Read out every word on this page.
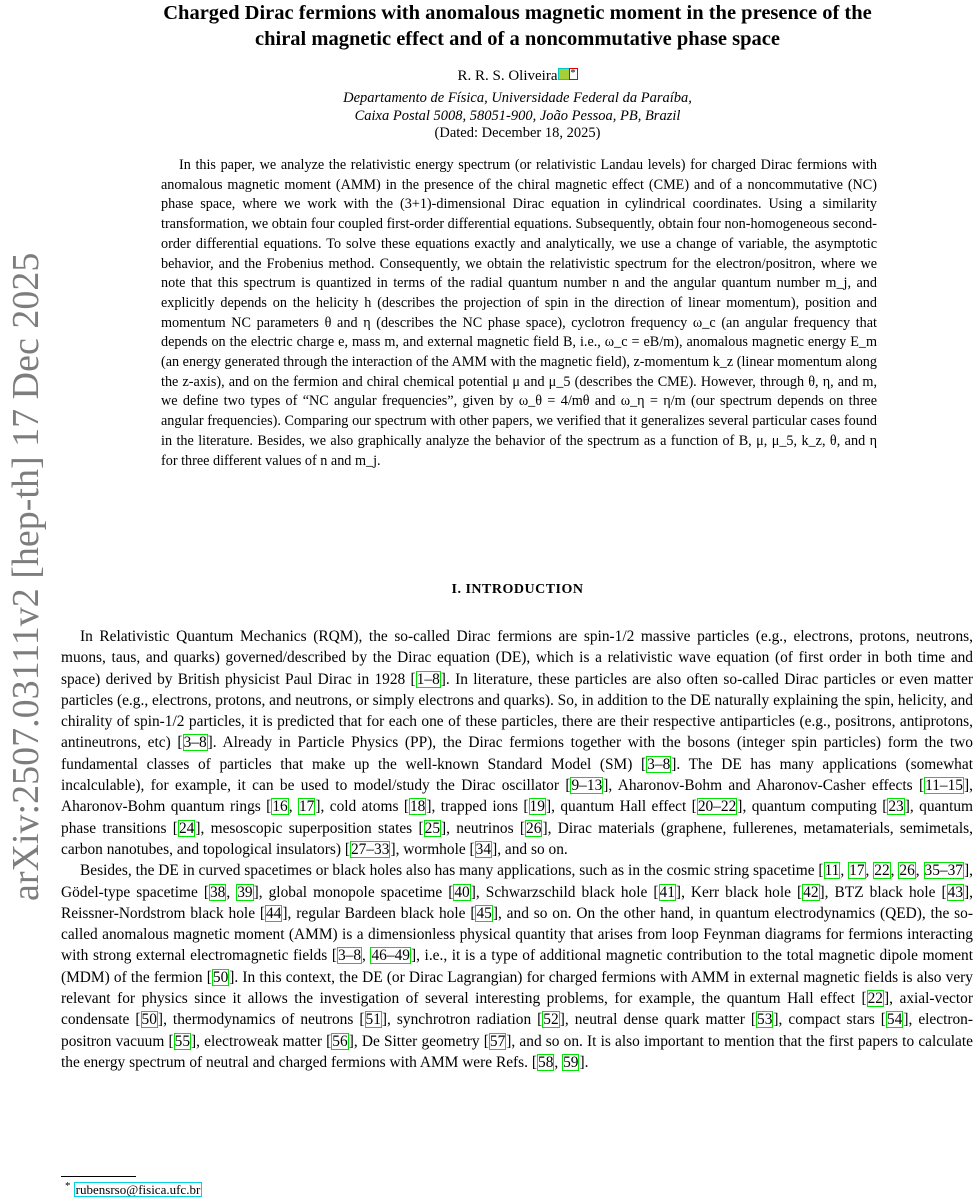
arXiv:2507.03111v2 [hep-th] 17 Dec 2025
Charged Dirac fermions with anomalous magnetic moment in the presence of the
chiral magnetic effect and of a noncommutative phase space
R. R. S. Oliveira *
Departamento de Física, Universidade Federal da Paraíba,
Caixa Postal 5008, 58051-900, João Pessoa, PB, Brazil
(Dated: December 18, 2025)

In this paper, we analyze the relativistic energy spectrum (or relativistic Landau levels) for charged Dirac fermions with anomalous magnetic moment (AMM) in the presence of the chiral magnetic effect (CME) and of a noncommutative (NC) phase space, where we work with the (3+1)-dimensional Dirac equation in cylindrical coordinates. Using a similarity transformation, we obtain four coupled first-order differential equations. Subsequently, obtain four non-homogeneous second-order differential equations. To solve these equations exactly and analytically, we use a change of variable, the asymptotic behavior, and the Frobenius method. Consequently, we obtain the relativistic spectrum for the electron/positron, where we note that this spectrum is quantized in terms of the radial quantum number n and the angular quantum number m_j, and explicitly depends on the helicity h (describes the projection of spin in the direction of linear momentum), position and momentum NC parameters θ and η (describes the NC phase space), cyclotron frequency ω_c (an angular frequency that depends on the electric charge e, mass m, and external magnetic field B, i.e., ω_c = eB/m), anomalous magnetic energy E_m (an energy generated through the interaction of the AMM with the magnetic field), z-momentum k_z (linear momentum along the z-axis), and on the fermion and chiral chemical potential μ and μ_5 (describes the CME). However, through θ, η, and m, we define two types of “NC angular frequencies”, given by ω_θ = 4/mθ and ω_η = η/m (our spectrum depends on three angular frequencies). Comparing our spectrum with other papers, we verified that it generalizes several particular cases found in the literature. Besides, we also graphically analyze the behavior of the spectrum as a function of B, μ, μ_5, k_z, θ, and η for three different values of n and m_j.

I. INTRODUCTION

In Relativistic Quantum Mechanics (RQM), the so-called Dirac fermions are spin-1/2 massive particles (e.g., electrons, protons, neutrons, muons, taus, and quarks) governed/described by the Dirac equation (DE), which is a relativistic wave equation (of first order in both time and space) derived by British physicist Paul Dirac in 1928 [1–8]. In literature, these particles are also often so-called Dirac particles or even matter particles (e.g., electrons, protons, and neutrons, or simply electrons and quarks). So, in addition to the DE naturally explaining the spin, helicity, and chirality of spin-1/2 particles, it is predicted that for each one of these particles, there are their respective antiparticles (e.g., positrons, antiprotons, antineutrons, etc) [3–8]. Already in Particle Physics (PP), the Dirac fermions together with the bosons (integer spin particles) form the two fundamental classes of particles that make up the well-known Standard Model (SM) [3–8]. The DE has many applications (somewhat incalculable), for example, it can be used to model/study the Dirac oscillator [9–13], Aharonov-Bohm and Aharonov-Casher effects [11–15], Aharonov-Bohm quantum rings [16, 17], cold atoms [18], trapped ions [19], quantum Hall effect [20–22], quantum computing [23], quantum phase transitions [24], mesoscopic superposition states [25], neutrinos [26], Dirac materials (graphene, fullerenes, metamaterials, semimetals, carbon nanotubes, and topological insulators) [27–33], wormhole [34], and so on.

Besides, the DE in curved spacetimes or black holes also has many applications, such as in the cosmic string spacetime [11, 17, 22, 26, 35–37], Gödel-type spacetime [38, 39], global monopole spacetime [40], Schwarzschild black hole [41], Kerr black hole [42], BTZ black hole [43], Reissner-Nordstrom black hole [44], regular Bardeen black hole [45], and so on. On the other hand, in quantum electrodynamics (QED), the so-called anomalous magnetic moment (AMM) is a dimensionless physical quantity that arises from loop Feynman diagrams for fermions interacting with strong external electromagnetic fields [3–8, 46–49], i.e., it is a type of additional magnetic contribution to the total magnetic dipole moment (MDM) of the fermion [50]. In this context, the DE (or Dirac Lagrangian) for charged fermions with AMM in external magnetic fields is also very relevant for physics since it allows the investigation of several interesting problems, for example, the quantum Hall effect [22], axial-vector condensate [50], thermodynamics of neutrons [51], synchrotron radiation [52], neutral dense quark matter [53], compact stars [54], electron-positron vacuum [55], electroweak matter [56], De Sitter geometry [57], and so on. It is also important to mention that the first papers to calculate the energy spectrum of neutral and charged fermions with AMM were Refs. [58, 59].

* rubensrso@fisica.ufc.br
